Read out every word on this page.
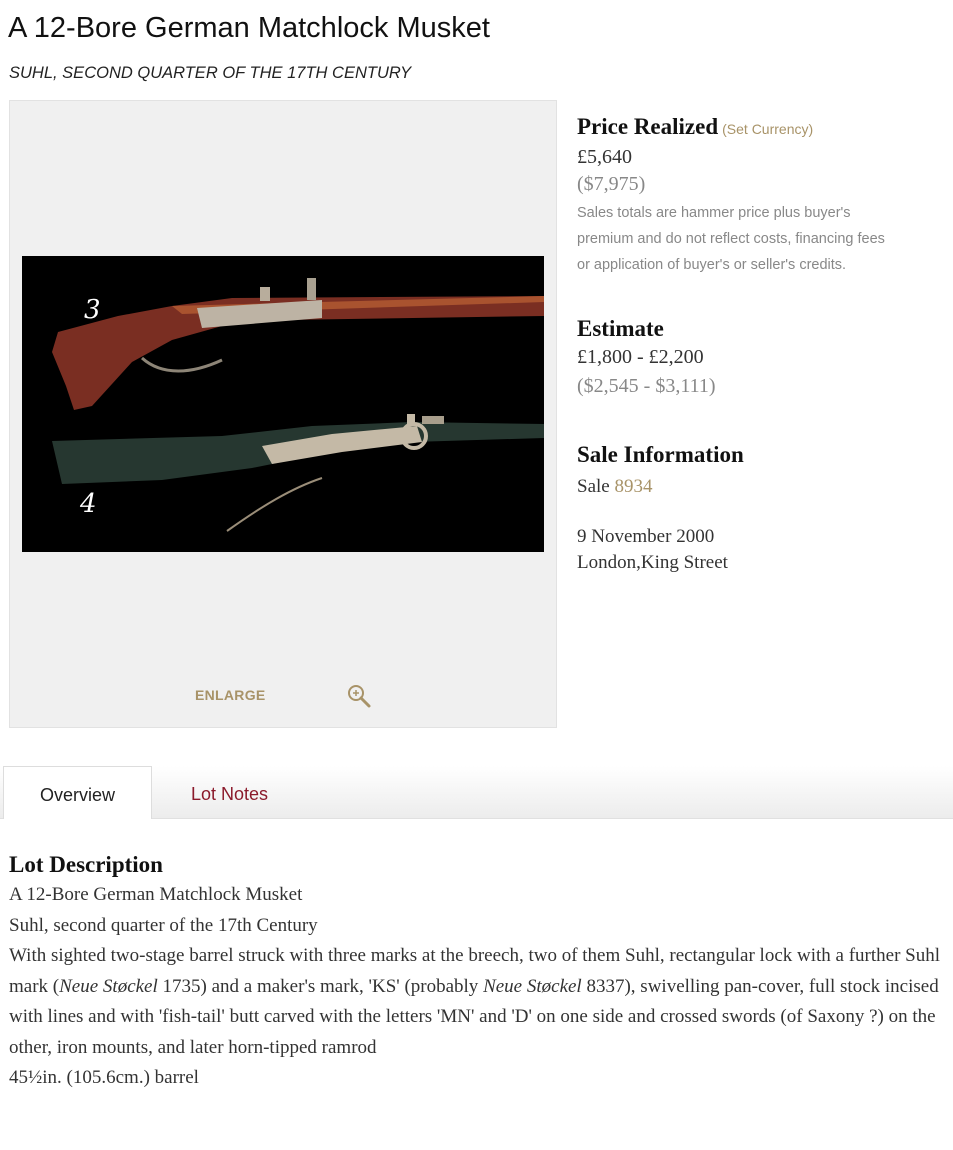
A 12-Bore German Matchlock Musket
SUHL, SECOND QUARTER OF THE 17TH CENTURY
3
4
ENLARGE
Price Realized (Set Currency)
£5,640
($7,975)
Sales totals are hammer price plus buyer's premium and do not reflect costs, financing fees or application of buyer's or seller's credits.
Estimate
£1,800 - £2,200
($2,545 - $3,111)
Sale Information
Sale 8934
9 November 2000
London,King Street
Overview	Lot Notes
Lot Description

A 12-Bore German Matchlock Musket
Suhl, second quarter of the 17th Century
With sighted two-stage barrel struck with three marks at the breech, two of them Suhl, rectangular lock with a further Suhl mark (Neue Støckel 1735) and a maker's mark, 'KS' (probably Neue Støckel 8337), swivelling pan-cover, full stock incised with lines and with 'fish-tail' butt carved with the letters 'MN' and 'D' on one side and crossed swords (of Saxony ?) on the other, iron mounts, and later horn-tipped ramrod
45½in. (105.6cm.) barrel
